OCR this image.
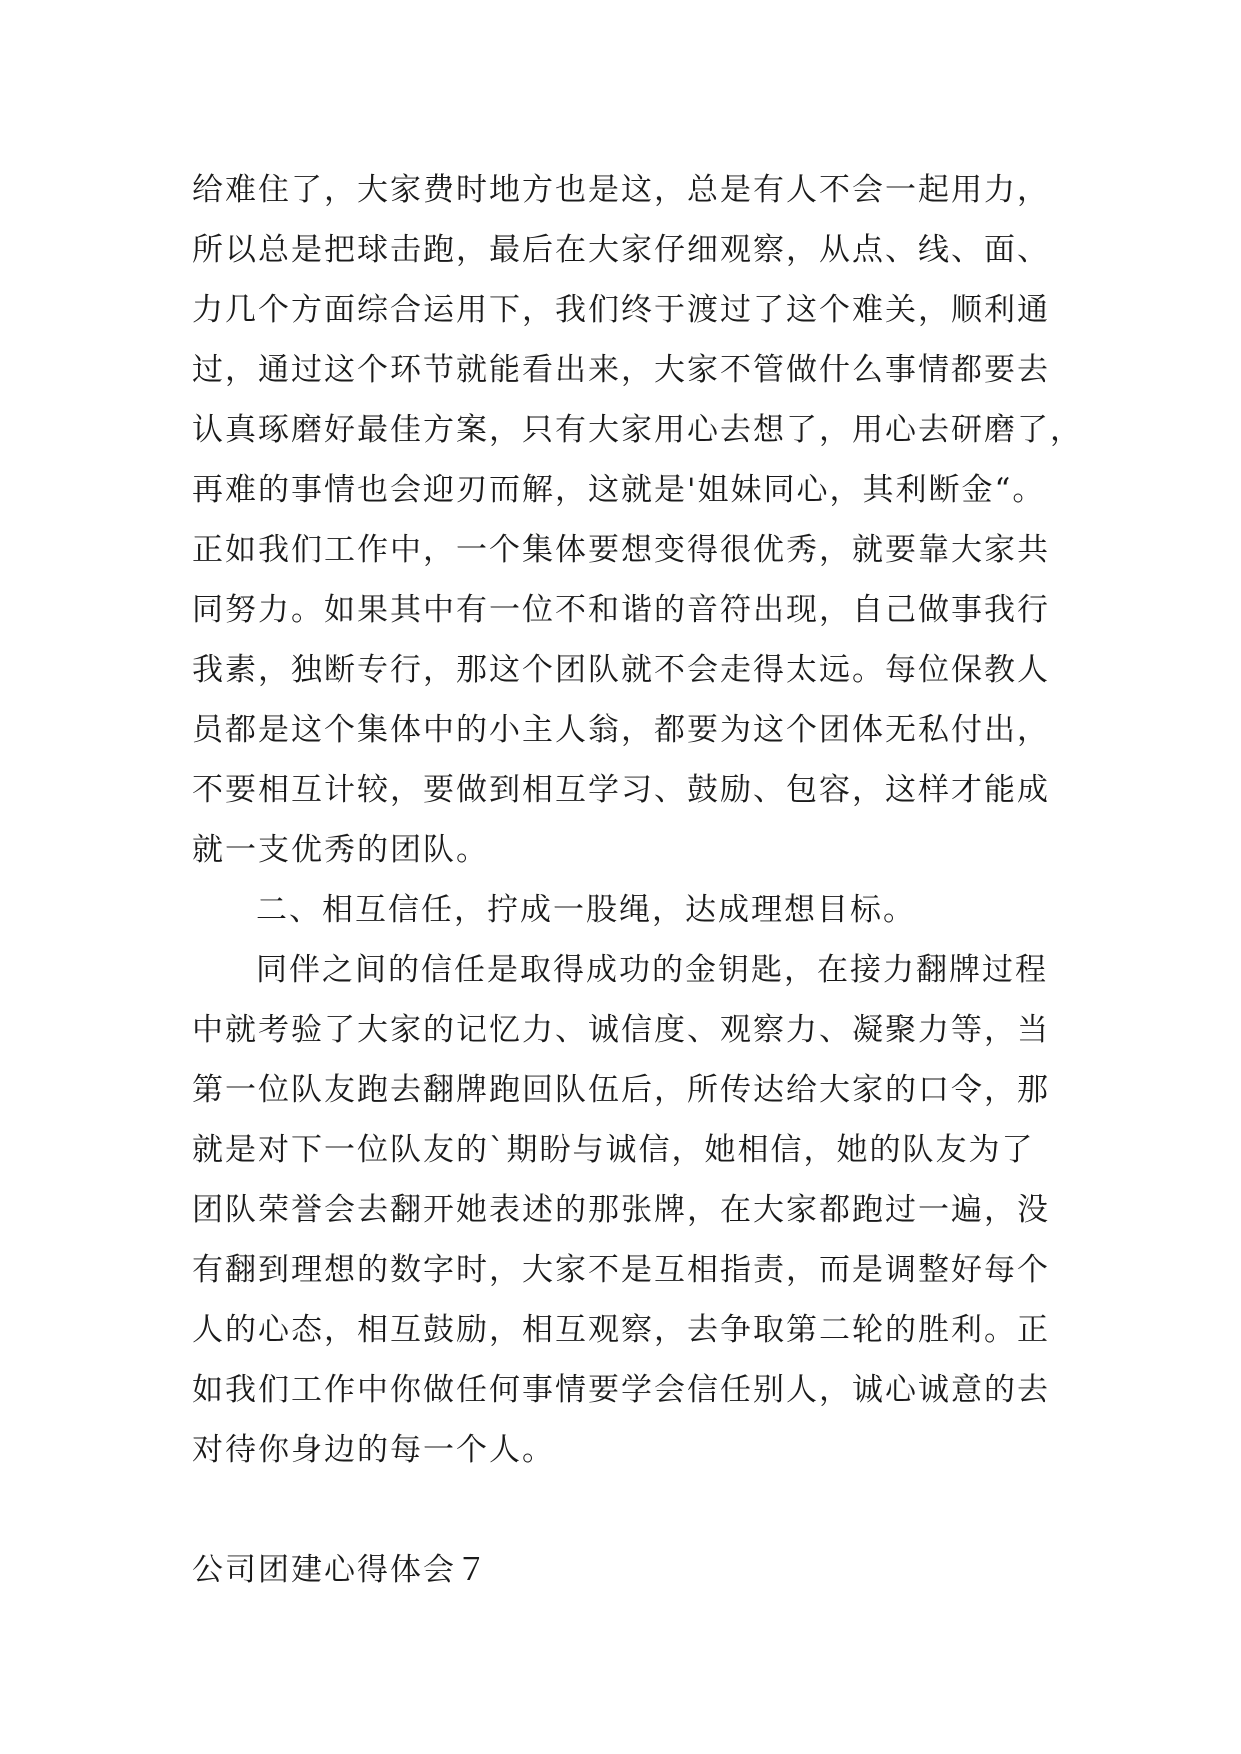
给难住了，大家费时地方也是这，总是有人不会一起用力，
所以总是把球击跑，最后在大家仔细观察，从点、线、面、
力几个方面综合运用下，我们终于渡过了这个难关，顺利通
过，通过这个环节就能看出来，大家不管做什么事情都要去
认真琢磨好最佳方案，只有大家用心去想了，用心去研磨了，
再难的事情也会迎刃而解，这就是'姐妹同心，其利断金“。
正如我们工作中，一个集体要想变得很优秀，就要靠大家共
同努力。如果其中有一位不和谐的音符出现，自己做事我行
我素，独断专行，那这个团队就不会走得太远。每位保教人
员都是这个集体中的小主人翁，都要为这个团体无私付出，
不要相互计较，要做到相互学习、鼓励、包容，这样才能成
就一支优秀的团队。
二、相互信任，拧成一股绳，达成理想目标。
同伴之间的信任是取得成功的金钥匙，在接力翻牌过程
中就考验了大家的记忆力、诚信度、观察力、凝聚力等，当
第一位队友跑去翻牌跑回队伍后，所传达给大家的口令，那
就是对下一位队友的`期盼与诚信，她相信，她的队友为了
团队荣誉会去翻开她表述的那张牌，在大家都跑过一遍，没
有翻到理想的数字时，大家不是互相指责，而是调整好每个
人的心态，相互鼓励，相互观察，去争取第二轮的胜利。正
如我们工作中你做任何事情要学会信任别人，诚心诚意的去
对待你身边的每一个人。
公司团建心得体会７
